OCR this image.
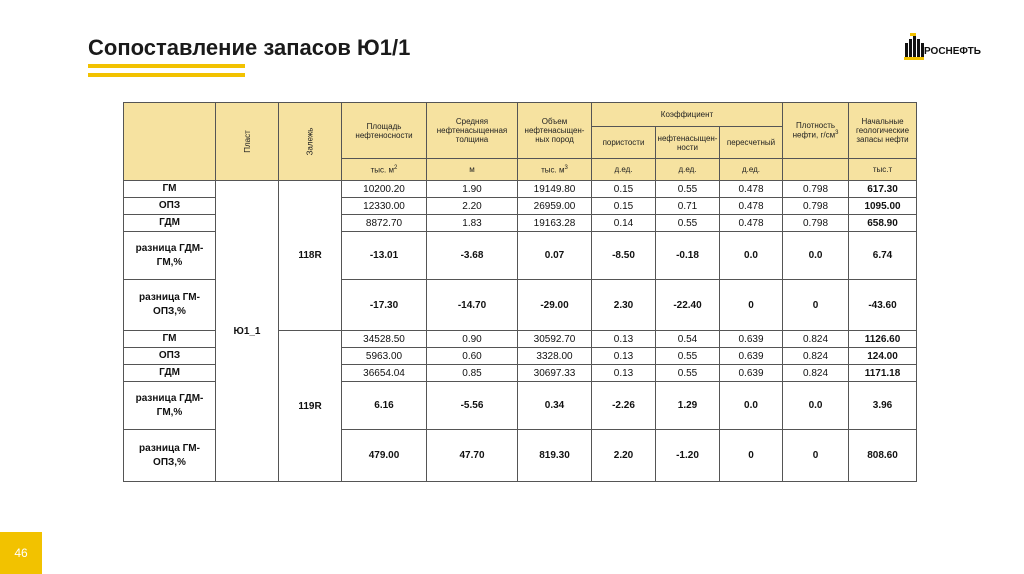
Сопоставление запасов Ю1/1	РОСНЕФТЬ
46
	Пласт	Залежь	Площадь нефтеносности	Средняя нефтенасыщенная толщина	Объем нефтенасыщен-ных пород	Коэффициент			Плотность нефти, $г/см^3$	Начальные геологические запасы нефти
						пористости	нефтенасыщен-ности	пересчетный		
			тыс. $м^2$	м	тыс. $м^3$	д.ед.	д.ед.	д.ед.		тыс.т
ГМ	Ю1_1	118R	10200.20	1.90	19149.80	0.15	0.55	0.478	0.798	617.30
ОПЗ			12330.00	2.20	26959.00	0.15	0.71	0.478	0.798	1095.00
ГДМ			8872.70	1.83	19163.28	0.14	0.55	0.478	0.798	658.90
разница ГДМ-ГМ,%			-13.01	-3.68	0.07	-8.50	-0.18	0.0	0.0	6.74
разница ГМ-ОПЗ,%			-17.30	-14.70	-29.00	2.30	-22.40	0	0	-43.60
ГМ		119R	34528.50	0.90	30592.70	0.13	0.54	0.639	0.824	1126.60
ОПЗ			5963.00	0.60	3328.00	0.13	0.55	0.639	0.824	124.00
ГДМ			36654.04	0.85	30697.33	0.13	0.55	0.639	0.824	1171.18
разница ГДМ-ГМ,%			6.16	-5.56	0.34	-2.26	1.29	0.0	0.0	3.96
разница ГМ-ОПЗ,%			479.00	47.70	819.30	2.20	-1.20	0	0	808.60
